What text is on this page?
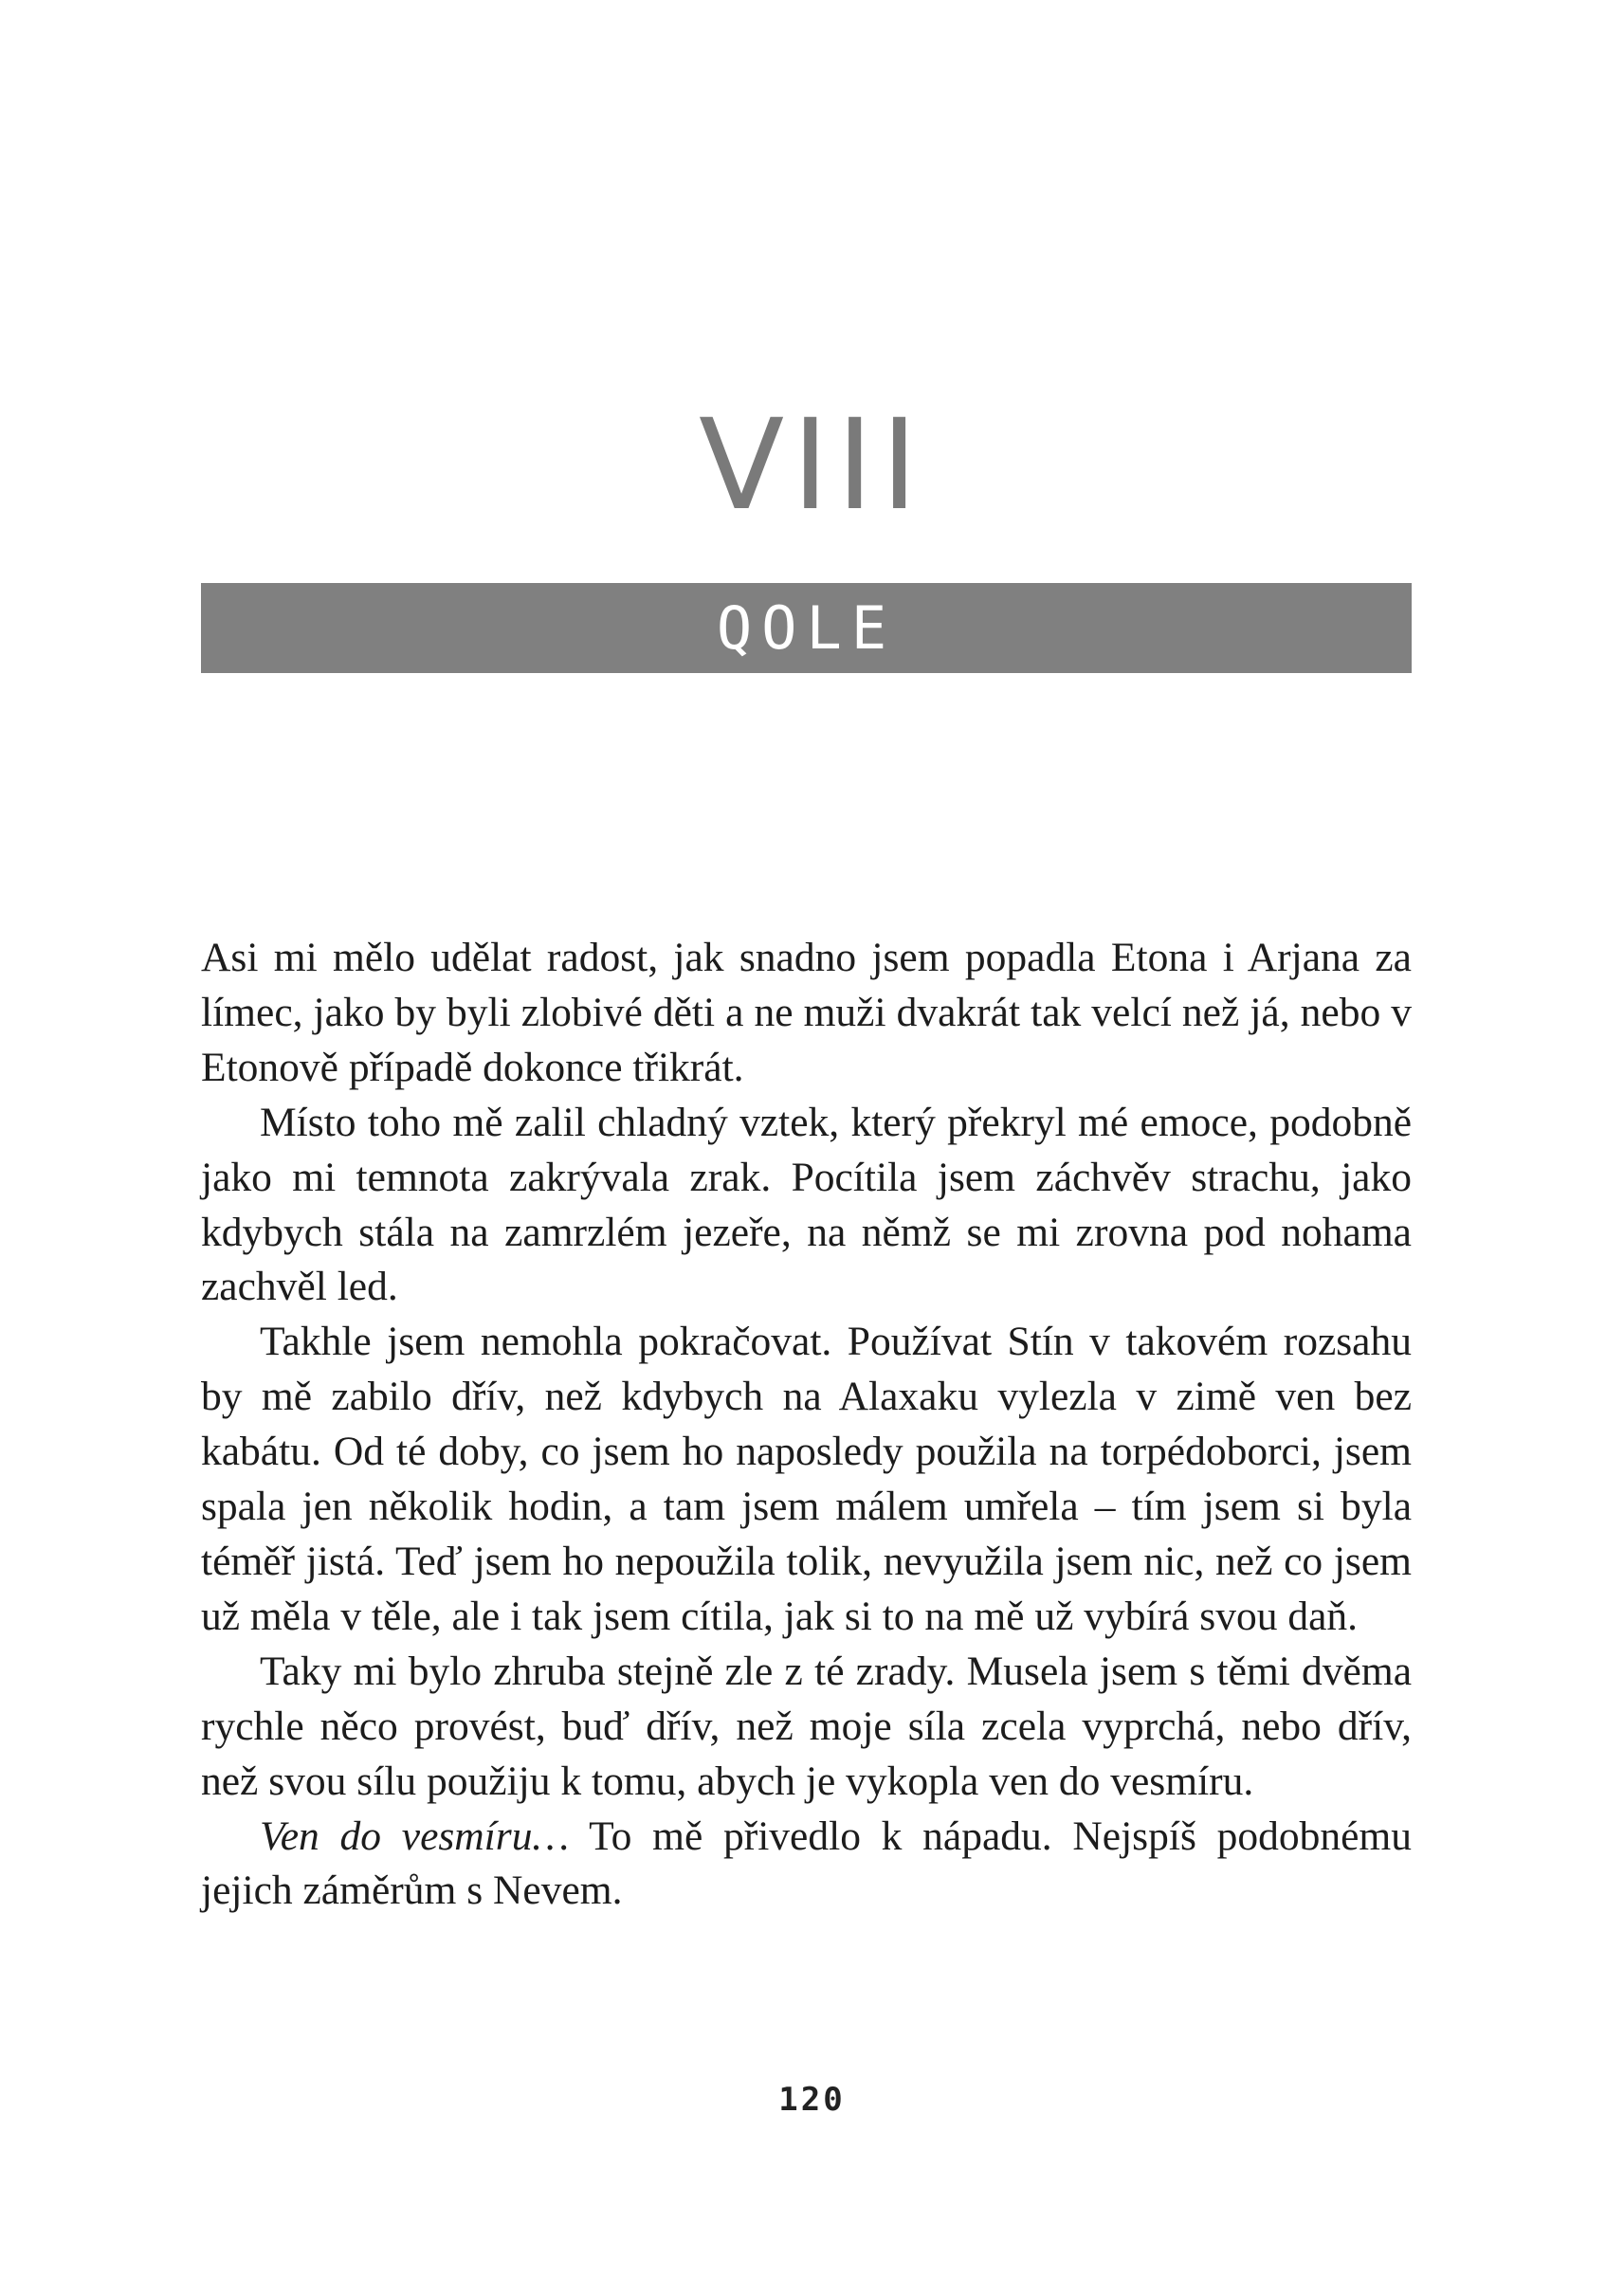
VIII
QOLE

Asi mi mělo udělat radost, jak snadno jsem popadla Etona i Arjana za límec, jako by byli zlobivé děti a ne muži dvakrát tak velcí než já, nebo v Etonově případě dokonce třikrát.

Místo toho mě zalil chladný vztek, který překryl mé emoce, podobně jako mi temnota zakrývala zrak. Pocítila jsem záchvěv strachu, jako kdybych stála na zamrzlém jezeře, na němž se mi zrovna pod nohama zachvěl led.

Takhle jsem nemohla pokračovat. Používat Stín v takovém rozsahu by mě zabilo dřív, než kdybych na Alaxaku vylezla v zimě ven bez kabátu. Od té doby, co jsem ho naposledy použila na torpédoborci, jsem spala jen několik hodin, a tam jsem málem umřela – tím jsem si byla téměř jistá. Teď jsem ho nepoužila tolik, nevyužila jsem nic, než co jsem už měla v těle, ale i tak jsem cítila, jak si to na mě už vybírá svou daň.

Taky mi bylo zhruba stejně zle z té zrady. Musela jsem s těmi dvěma rychle něco provést, buď dřív, než moje síla zcela vyprchá, nebo dřív, než svou sílu použiju k tomu, abych je vykopla ven do vesmíru.

Ven do vesmíru… To mě přivedlo k nápadu. Nejspíš podobnému jejich záměrům s Nevem.

120
